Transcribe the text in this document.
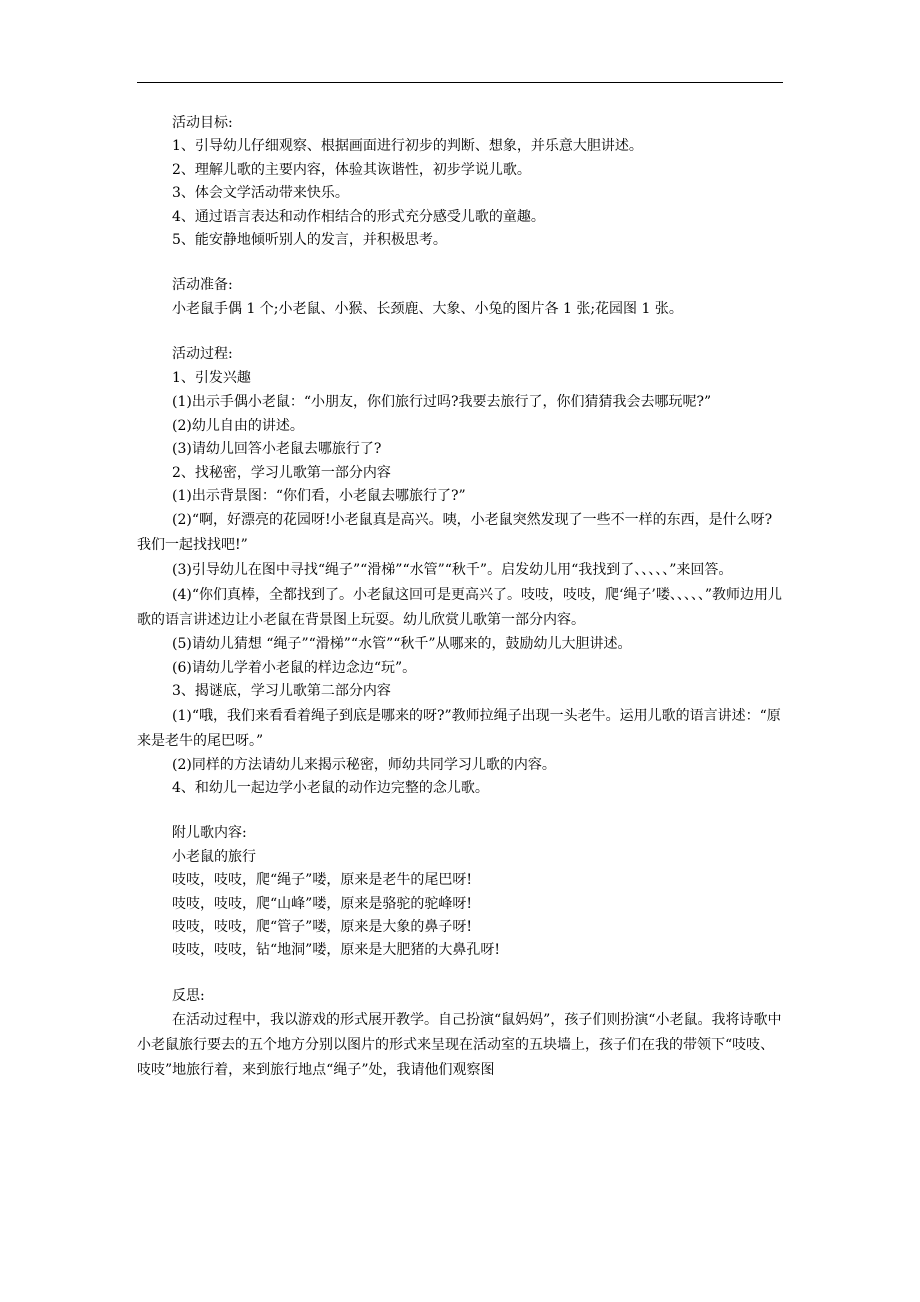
活动目标:
1、引导幼儿仔细观察、根据画面进行初步的判断、想象，并乐意大胆讲述。
2、理解儿歌的主要内容，体验其诙谐性，初步学说儿歌。
3、体会文学活动带来快乐。
4、通过语言表达和动作相结合的形式充分感受儿歌的童趣。
5、能安静地倾听别人的发言，并积极思考。
活动准备:
小老鼠手偶 1 个;小老鼠、小猴、长颈鹿、大象、小兔的图片各 1 张;花园图 1 张。
活动过程:
1、引发兴趣

(1)出示手偶小老鼠：“小朋友，你们旅行过吗?我要去旅行了，你们猜猜我会去哪玩呢?”

(2)幼儿自由的讲述。
(3)请幼儿回答小老鼠去哪旅行了?
2、找秘密，学习儿歌第一部分内容
(1)出示背景图：“你们看，小老鼠去哪旅行了?”

(2)“啊，好漂亮的花园呀!小老鼠真是高兴。咦，小老鼠突然发现了一些不一样的东西，是什么呀?我们一起找找吧!”

(3)引导幼儿在图中寻找“绳子”“滑梯”“水管”“秋千”。启发幼儿用“我找到了、、、、、”来回答。

(4)“你们真棒，全都找到了。小老鼠这回可是更高兴了。吱吱，吱吱，爬‘绳子’喽、、、、、”教师边用儿歌的语言讲述边让小老鼠在背景图上玩耍。幼儿欣赏儿歌第一部分内容。

(5)请幼儿猜想 “绳子”“滑梯”“水管”“秋千”从哪来的，鼓励幼儿大胆讲述。
(6)请幼儿学着小老鼠的样边念边“玩”。
3、揭谜底，学习儿歌第二部分内容

(1)“哦，我们来看看着绳子到底是哪来的呀?”教师拉绳子出现一头老牛。运用儿歌的语言讲述：“原来是老牛的尾巴呀。”

(2)同样的方法请幼儿来揭示秘密，师幼共同学习儿歌的内容。
4、和幼儿一起边学小老鼠的动作边完整的念儿歌。
附儿歌内容:
小老鼠的旅行
吱吱，吱吱，爬“绳子”喽，原来是老牛的尾巴呀!
吱吱，吱吱，爬“山峰”喽，原来是骆驼的驼峰呀!
吱吱，吱吱，爬“管子”喽，原来是大象的鼻子呀!
吱吱，吱吱，钻“地洞”喽，原来是大肥猪的大鼻孔呀!
反思:

在活动过程中，我以游戏的形式展开教学。自己扮演“鼠妈妈”，孩子们则扮演“小老鼠。我将诗歌中小老鼠旅行要去的五个地方分别以图片的形式来呈现在活动室的五块墙上，孩子们在我的带领下“吱吱、吱吱”地旅行着，来到旅行地点“绳子”处，我请他们观察图
